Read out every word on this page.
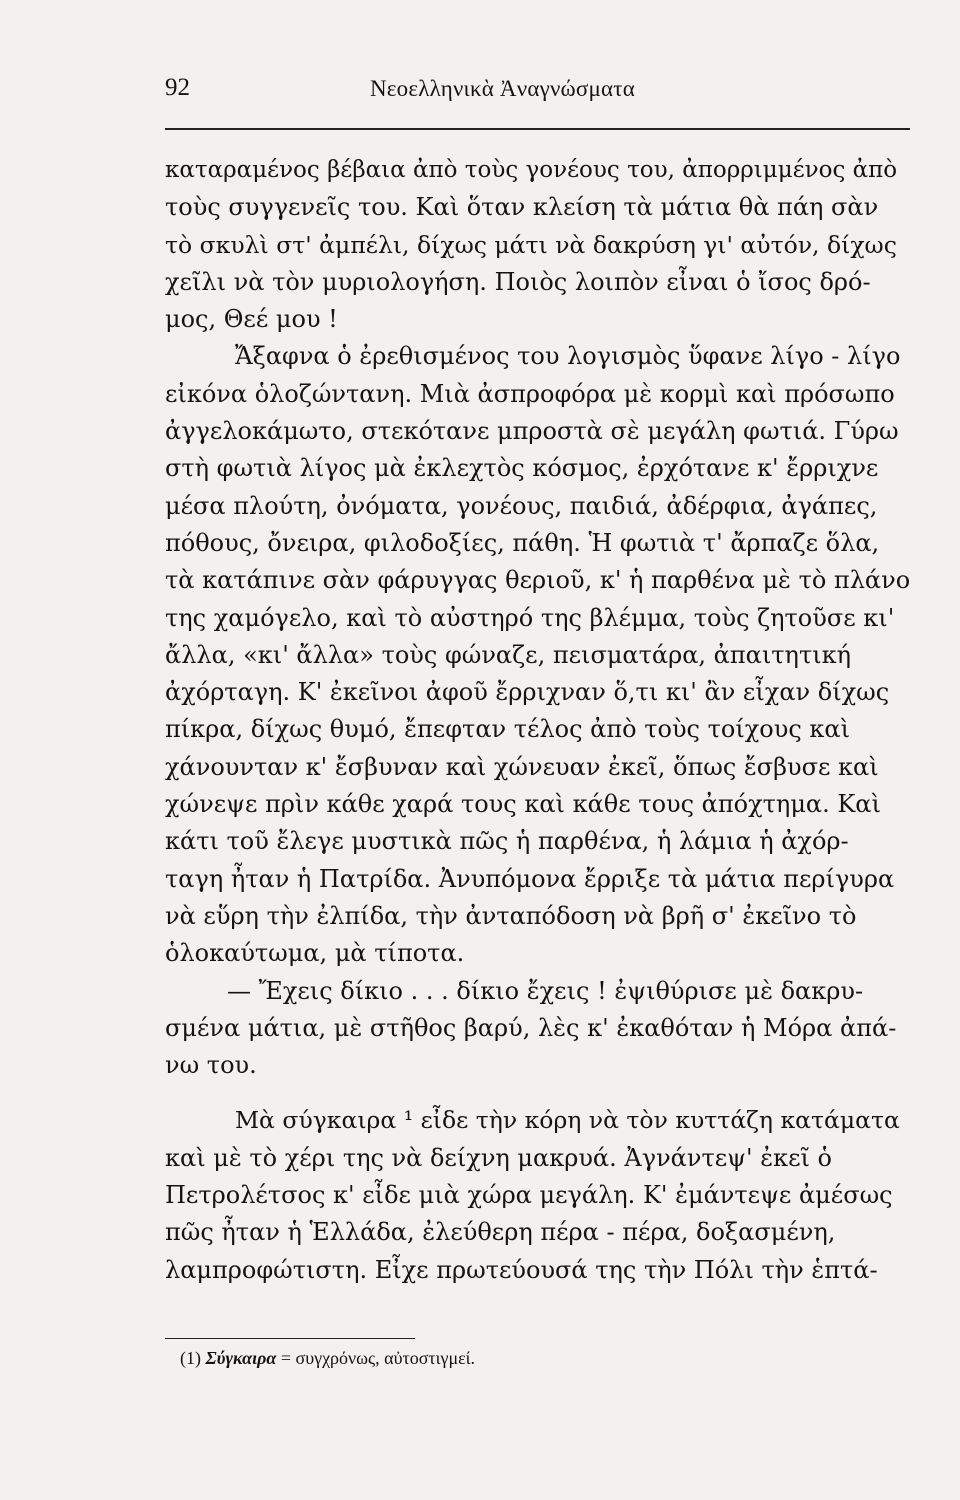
92	Νεοελληνικὰ Ἀναγνώσματα
καταραμένος βέβαια ἀπὸ τοὺς γονέους του, ἀπορριμμένος ἀπὸ
τοὺς συγγενεῖς του. Καὶ ὅταν κλείση τὰ μάτια θὰ πάη σὰν
τὸ σκυλὶ στ' ἀμπέλι, δίχως μάτι νὰ δακρύση γι' αὐτόν, δίχως
χεῖλι νὰ τὸν μυριολογήση. Ποιὸς λοιπὸν εἶναι ὁ ἴσος δρό-
μος, Θεέ μου !
Ἄξαφνα ὁ ἐρεθισμένος του λογισμὸς ὕφανε λίγο - λίγο
εἰκόνα ὁλοζώντανη. Μιὰ ἀσπροφόρα μὲ κορμὶ καὶ πρόσωπο
ἀγγελοκάμωτο, στεκότανε μπροστὰ σὲ μεγάλη φωτιά. Γύρω
στὴ φωτιὰ λίγος μὰ ἐκλεχτὸς κόσμος, ἐρχότανε κ' ἔρριχνε
μέσα πλούτη, ὀνόματα, γονέους, παιδιά, ἀδέρφια, ἀγάπες,
πόθους, ὄνειρα, φιλοδοξίες, πάθη. Ἡ φωτιὰ τ' ἄρπαζε ὅλα,
τὰ κατάπινε σὰν φάρυγγας θεριοῦ, κ' ἡ παρθένα μὲ τὸ πλάνο
της χαμόγελο, καὶ τὸ αὐστηρό της βλέμμα, τοὺς ζητοῦσε κι'
ἄλλα, «κι' ἄλλα» τοὺς φώναζε, πεισματάρα, ἀπαιτητική
ἀχόρταγη. Κ' ἐκεῖνοι ἀφοῦ ἔρριχναν ὅ,τι κι' ἂν εἶχαν δίχως
πίκρα, δίχως θυμό, ἔπεφταν τέλος ἀπὸ τοὺς τοίχους καὶ
χάνουνταν κ' ἔσβυναν καὶ χώνευαν ἐκεῖ, ὅπως ἔσβυσε καὶ
χώνεψε πρὶν κάθε χαρά τους καὶ κάθε τους ἀπόχτημα. Καὶ
κάτι τοῦ ἔλεγε μυστικὰ πῶς ἡ παρθένα, ἡ λάμια ἡ ἀχόρ-
ταγη ἦταν ἡ Πατρίδα. Ἀνυπόμονα ἔρριξε τὰ μάτια περίγυρα
νὰ εὕρη τὴν ἐλπίδα, τὴν ἀνταπόδοση νὰ βρῆ σ' ἐκεῖνο τὸ
ὁλοκαύτωμα, μὰ τίποτα.
— Ἔχεις δίκιο . . . δίκιο ἔχεις ! ἐψιθύρισε μὲ δακρυ-
σμένα μάτια, μὲ στῆθος βαρύ, λὲς κ' ἐκαθόταν ἡ Μόρα ἀπά-
νω του.
Μὰ σύγκαιρα ¹ εἶδε τὴν κόρη νὰ τὸν κυττάζη κατάματα
καὶ μὲ τὸ χέρι της νὰ δείχνη μακρυά. Ἀγνάντεψ' ἐκεῖ ὁ
Πετρολέτσος κ' εἶδε μιὰ χώρα μεγάλη. Κ' ἐμάντεψε ἀμέσως
πῶς ἦταν ἡ Ἑλλάδα, ἐλεύθερη πέρα - πέρα, δοξασμένη,
λαμπροφώτιστη. Εἶχε πρωτεύουσά της τὴν Πόλι τὴν ἑπτά-
(1) Σύγκαιρα = συγχρόνως, αὐτοστιγμεί.
